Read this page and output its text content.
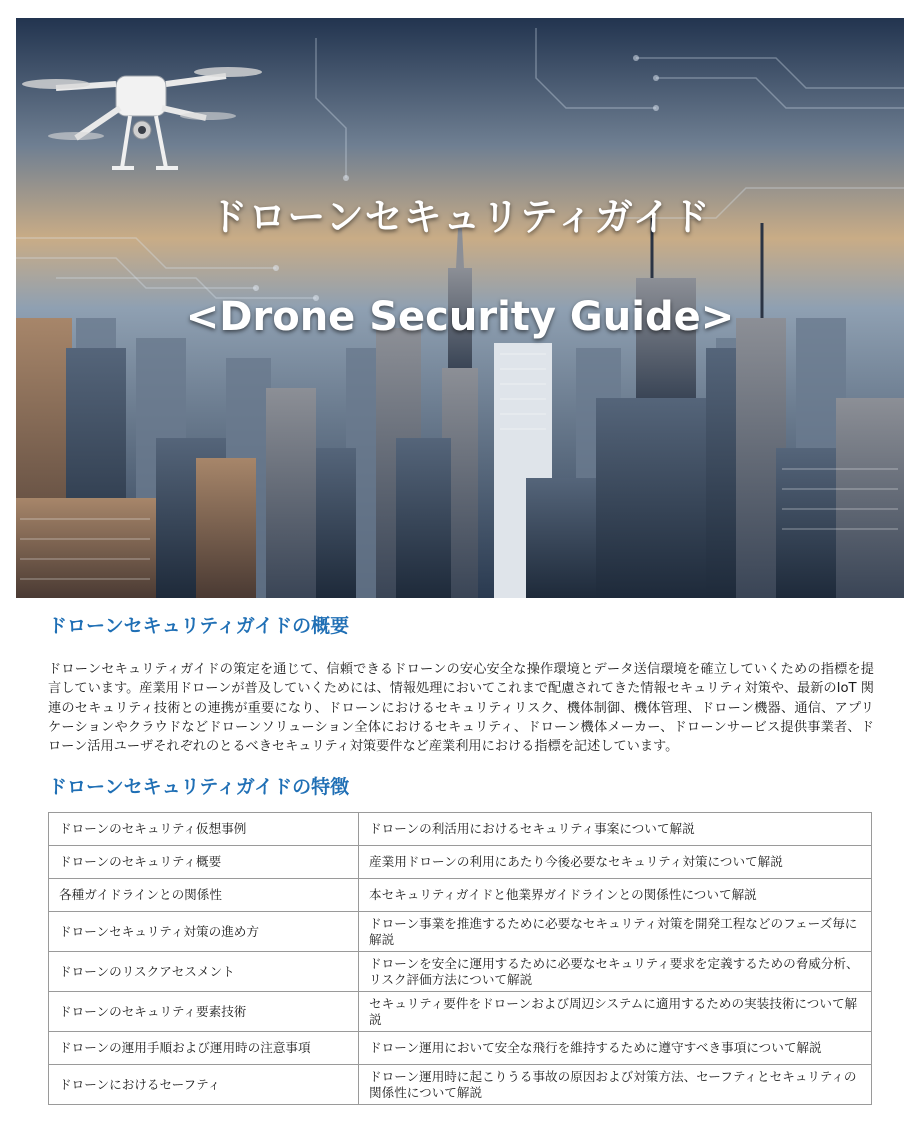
ドローンセキュリティガイド
<Drone Security Guide>
ドローンセキュリティガイドの概要
ドローンセキュリティガイドの策定を通じて、信頼できるドローンの安心安全な操作環境とデータ送信環境を確立していくための指標を提言しています。産業用ドローンが普及していくためには、情報処理においてこれまで配慮されてきた情報セキュリティ対策や、最新のIoT 関連のセキュリティ技術との連携が重要になり、ドローンにおけるセキュリティリスク、機体制御、機体管理、ドローン機器、通信、アプリケーションやクラウドなどドローンソリューション全体におけるセキュリティ、ドローン機体メーカー、ドローンサービス提供事業者、ドローン活用ユーザそれぞれのとるべきセキュリティ対策要件など産業利用における指標を記述しています。
ドローンセキュリティガイドの特徴
ドローンのセキュリティ仮想事例	ドローンの利活用におけるセキュリティ事案について解説
ドローンのセキュリティ概要	産業用ドローンの利用にあたり今後必要なセキュリティ対策について解説
各種ガイドラインとの関係性	本セキュリティガイドと他業界ガイドラインとの関係性について解説
ドローンセキュリティ対策の進め方	ドローン事業を推進するために必要なセキュリティ対策を開発工程などのフェーズ毎に解説
ドローンのリスクアセスメント	ドローンを安全に運用するために必要なセキュリティ要求を定義するための脅威分析、リスク評価方法について解説
ドローンのセキュリティ要素技術	セキュリティ要件をドローンおよび周辺システムに適用するための実装技術について解説
ドローンの運用手順および運用時の注意事項	ドローン運用において安全な飛行を維持するために遵守すべき事項について解説
ドローンにおけるセーフティ	ドローン運用時に起こりうる事故の原因および対策方法、セーフティとセキュリティの関係性について解説
